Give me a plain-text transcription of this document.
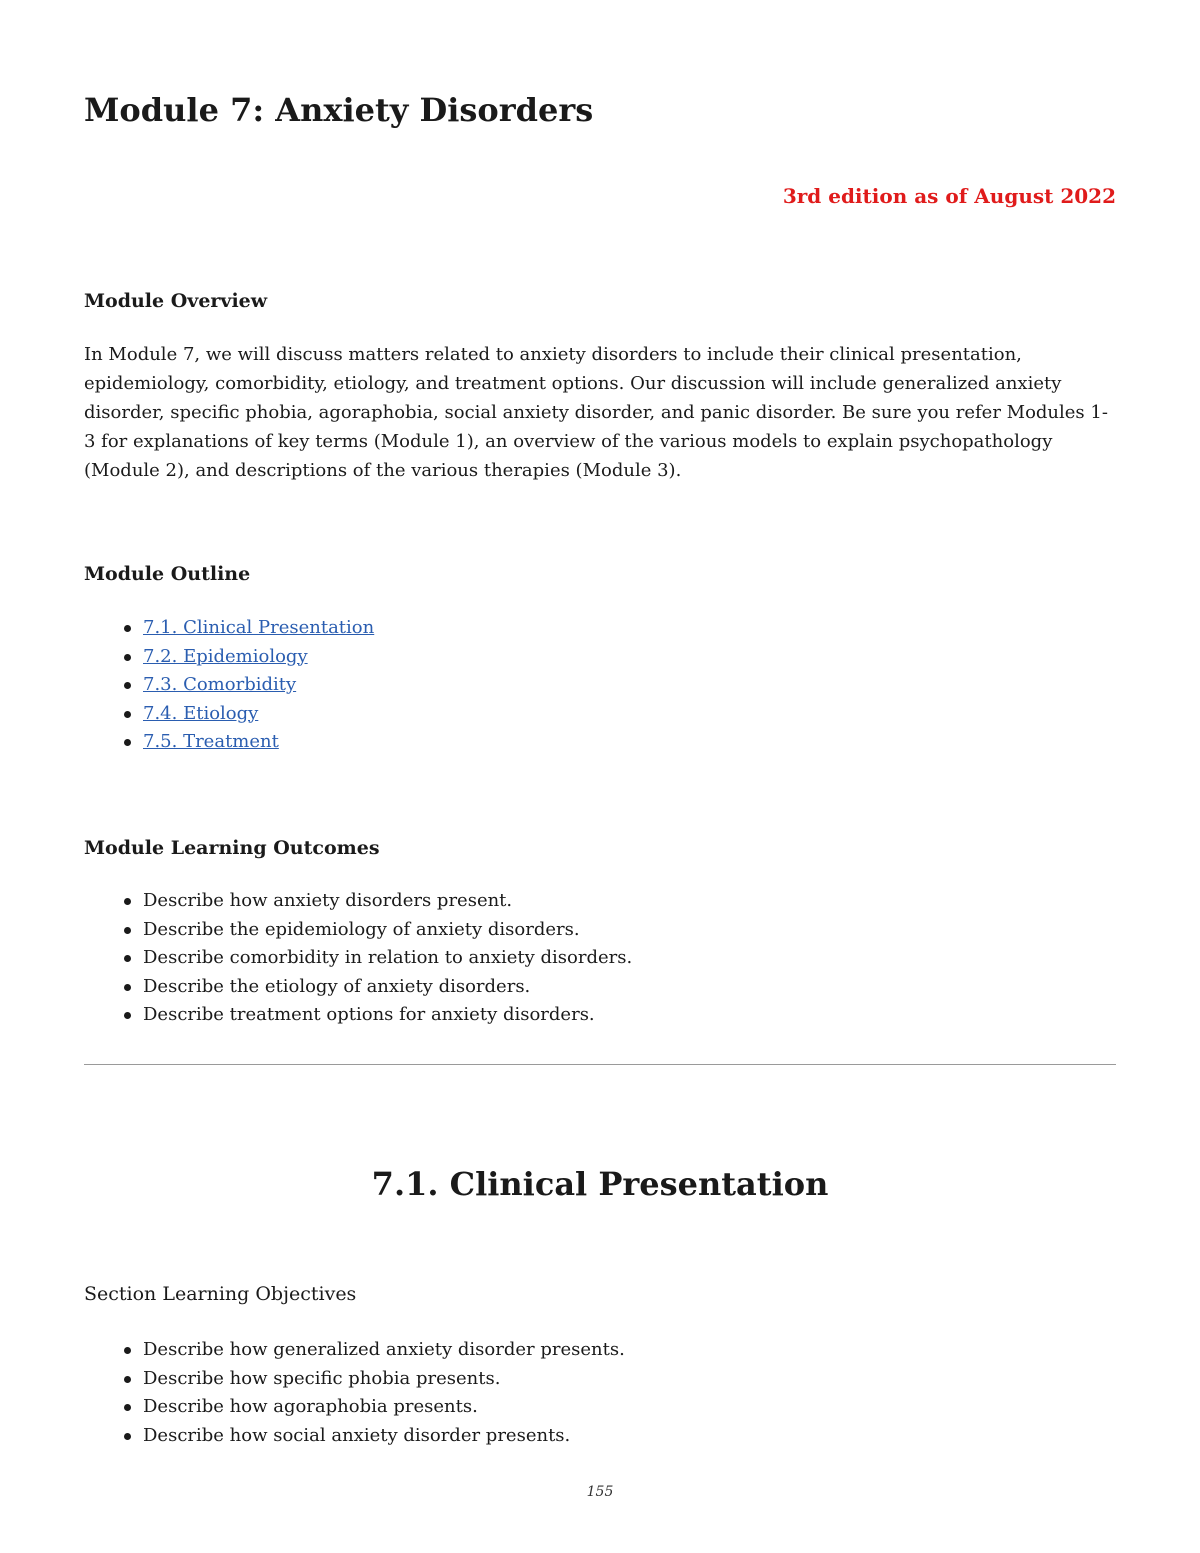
Module 7: Anxiety Disorders

3rd edition as of August 2022

Module Overview

In Module 7, we will discuss matters related to anxiety disorders to include their clinical presentation, epidemiology, comorbidity, etiology, and treatment options. Our discussion will include generalized anxiety disorder, specific phobia, agoraphobia, social anxiety disorder, and panic disorder. Be sure you refer Modules 1-3 for explanations of key terms (Module 1), an overview of the various models to explain psychopathology (Module 2), and descriptions of the various therapies (Module 3).

Module Outline
7.1. Clinical Presentation
7.2. Epidemiology
7.3. Comorbidity
7.4. Etiology
7.5. Treatment
Module Learning Outcomes
Describe how anxiety disorders present.
Describe the epidemiology of anxiety disorders.
Describe comorbidity in relation to anxiety disorders.
Describe the etiology of anxiety disorders.
Describe treatment options for anxiety disorders.
7.1. Clinical Presentation
Section Learning Objectives
Describe how generalized anxiety disorder presents.
Describe how specific phobia presents.
Describe how agoraphobia presents.
Describe how social anxiety disorder presents.
155
